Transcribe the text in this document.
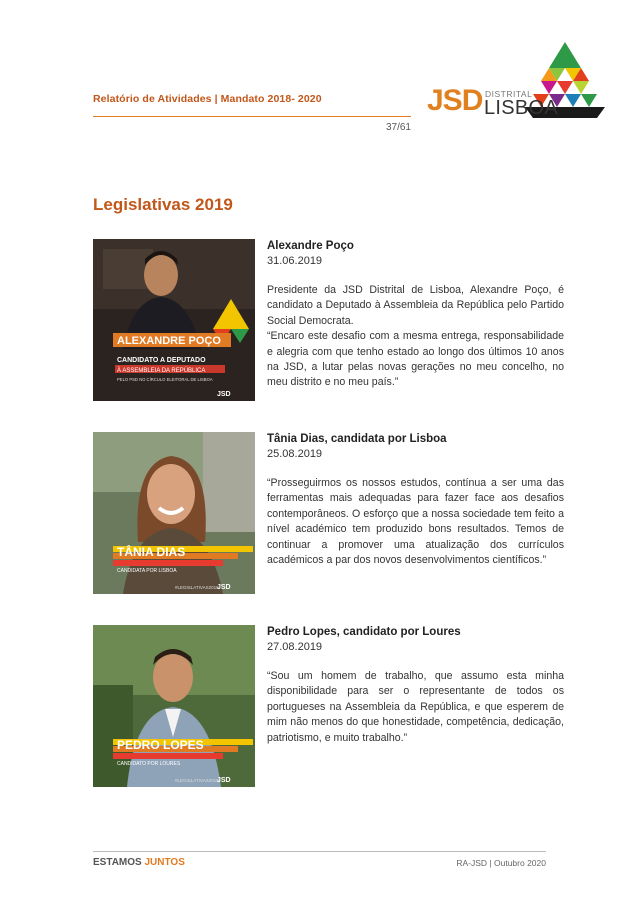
Relatório de Atividades | Mandato 2018- 2020
37/61
JSD DISTRITAL
LISBOA
Legislativas 2019
ALEXANDRE POÇO
CANDIDATO A DEPUTADO
À ASSEMBLEIA DA REPÚBLICA
PELO PSD NO CÍRCULO ELEITORAL DE LISBOA
JSD
Alexandre Poço
31.06.2019
Presidente da JSD Distrital de Lisboa, Alexandre Poço, é candidato a Deputado à Assembleia da República pelo Partido Social Democrata.
“Encaro este desafio com a mesma entrega, responsabilidade e alegria com que tenho estado ao longo dos últimos 10 anos na JSD, a lutar pelas novas gerações no meu concelho, no meu distrito e no meu país.”
TÂNIA DIAS
CANDIDATA POR LISBOA
#LEGISLATIVAS2019
JSD
Tânia Dias, candidata por Lisboa
25.08.2019
“Prosseguirmos os nossos estudos, contínua a ser uma das ferramentas mais adequadas para fazer face aos desafios contemporâneos. O esforço que a nossa sociedade tem feito a nível académico tem produzido bons resultados. Temos de continuar a promover uma atualização dos currículos académicos a par dos novos desenvolvimentos científicos.”
PEDRO LOPES
CANDIDATO POR LOURES
#LEGISLATIVAS2019
JSD
Pedro Lopes, candidato por Loures
27.08.2019
“Sou um homem de trabalho, que assumo esta minha disponibilidade para ser o representante de todos os portugueses na Assembleia da República, e que esperem de mim não menos do que honestidade, competência, dedicação, patriotismo, e muito trabalho.”
ESTAMOS JUNTOS	RA-JSD | Outubro 2020
